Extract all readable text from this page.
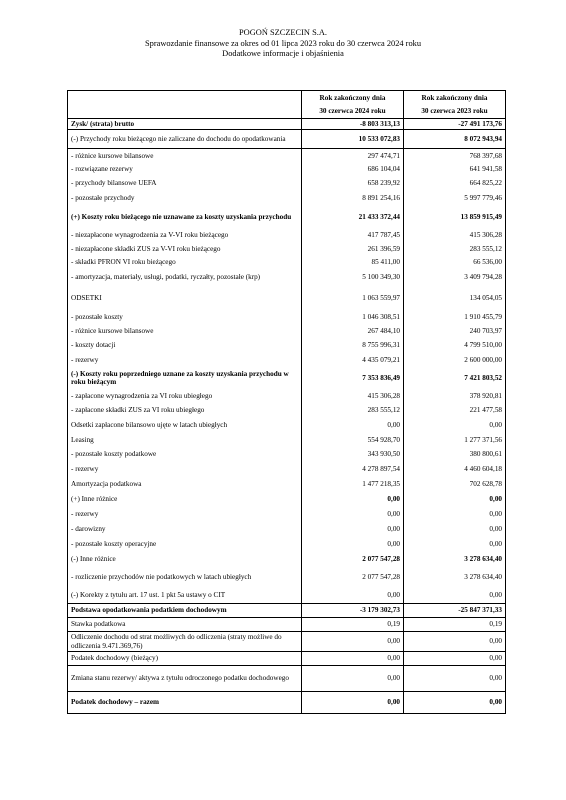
POGOŃ SZCZECIN S.A.
Sprawozdanie finansowe za okres od 01 lipca 2023 roku do 30 czerwca 2024 roku
Dodatkowe informacje i objaśnienia
	Rok zakończony dnia	Rok zakończony dnia
	30 czerwca 2024 roku	30 czerwca 2023 roku
Zysk/ (strata) brutto	-8 803 313,13	-27 491 173,76
(-) Przychody roku bieżącego nie zaliczane do dochodu do opodatkowania	10 533 072,83	8 072 943,94
- różnice kursowe bilansowe	297 474,71	768 397,68
- rozwiązane rezerwy	686 104,04	641 941,58
- przychody bilansowe UEFA	658 239,92	664 825,22
- pozostałe przychody	8 891 254,16	5 997 779,46
(+) Koszty roku bieżącego nie uznawane za koszty uzyskania przychodu	21 433 372,44	13 859 915,49
- niezapłacone wynagrodzenia za V-VI roku bieżącego	417 787,45	415 306,28
- niezapłacone składki ZUS za V-VI roku bieżącego	261 396,59	283 555,12
- składki PFRON VI roku bieżącego	85 411,00	66 536,00
- amortyzacja, materiały, usługi, podatki, ryczałty, pozostałe (krp)	5 100 349,30	3 409 794,28
ODSETKI	1 063 559,97	134 054,05
- pozostałe koszty	1 046 308,51	1 910 455,79
- różnice kursowe bilansowe	267 484,10	240 703,97
- koszty dotacji	8 755 996,31	4 799 510,00
- rezerwy	4 435 079,21	2 600 000,00
(-) Koszty roku poprzedniego uznane za koszty uzyskania przychodu w roku bieżącym	7 353 836,49	7 421 803,52
- zapłacone wynagrodzenia za VI roku ubiegłego	415 306,28	378 920,81
- zapłacone składki ZUS za VI roku ubiegłego	283 555,12	221 477,58
Odsetki zapłacone bilansowo ujęte w latach ubiegłych	0,00	0,00
Leasing	554 928,70	1 277 371,56
- pozostałe koszty podatkowe	343 930,50	380 800,61
- rezerwy	4 278 897,54	4 460 604,18
Amortyzacja podatkowa	1 477 218,35	702 628,78
(+) Inne różnice	0,00	0,00
- rezerwy	0,00	0,00
- darowizny	0,00	0,00
- pozostałe koszty operacyjne	0,00	0,00
(-) Inne różnice	2 077 547,28	3 278 634,40
- rozliczenie przychodów nie podatkowych w latach ubiegłych	2 077 547,28	3 278 634,40
(-) Korekty z tytułu art. 17 ust. 1 pkt 5a ustawy o CIT	0,00	0,00
Podstawa opodatkowania podatkiem dochodowym	-3 179 302,73	-25 847 371,33
Stawka podatkowa	0,19	0,19
Odliczenie dochodu od strat możliwych do odliczenia (straty możliwe do odliczenia 9.471.369,76)	0,00	0,00
Podatek dochodowy (bieżący)	0,00	0,00
Zmiana stanu rezerwy/ aktywa z tytułu odroczonego podatku dochodowego	0,00	0,00
Podatek dochodowy – razem	0,00	0,00
